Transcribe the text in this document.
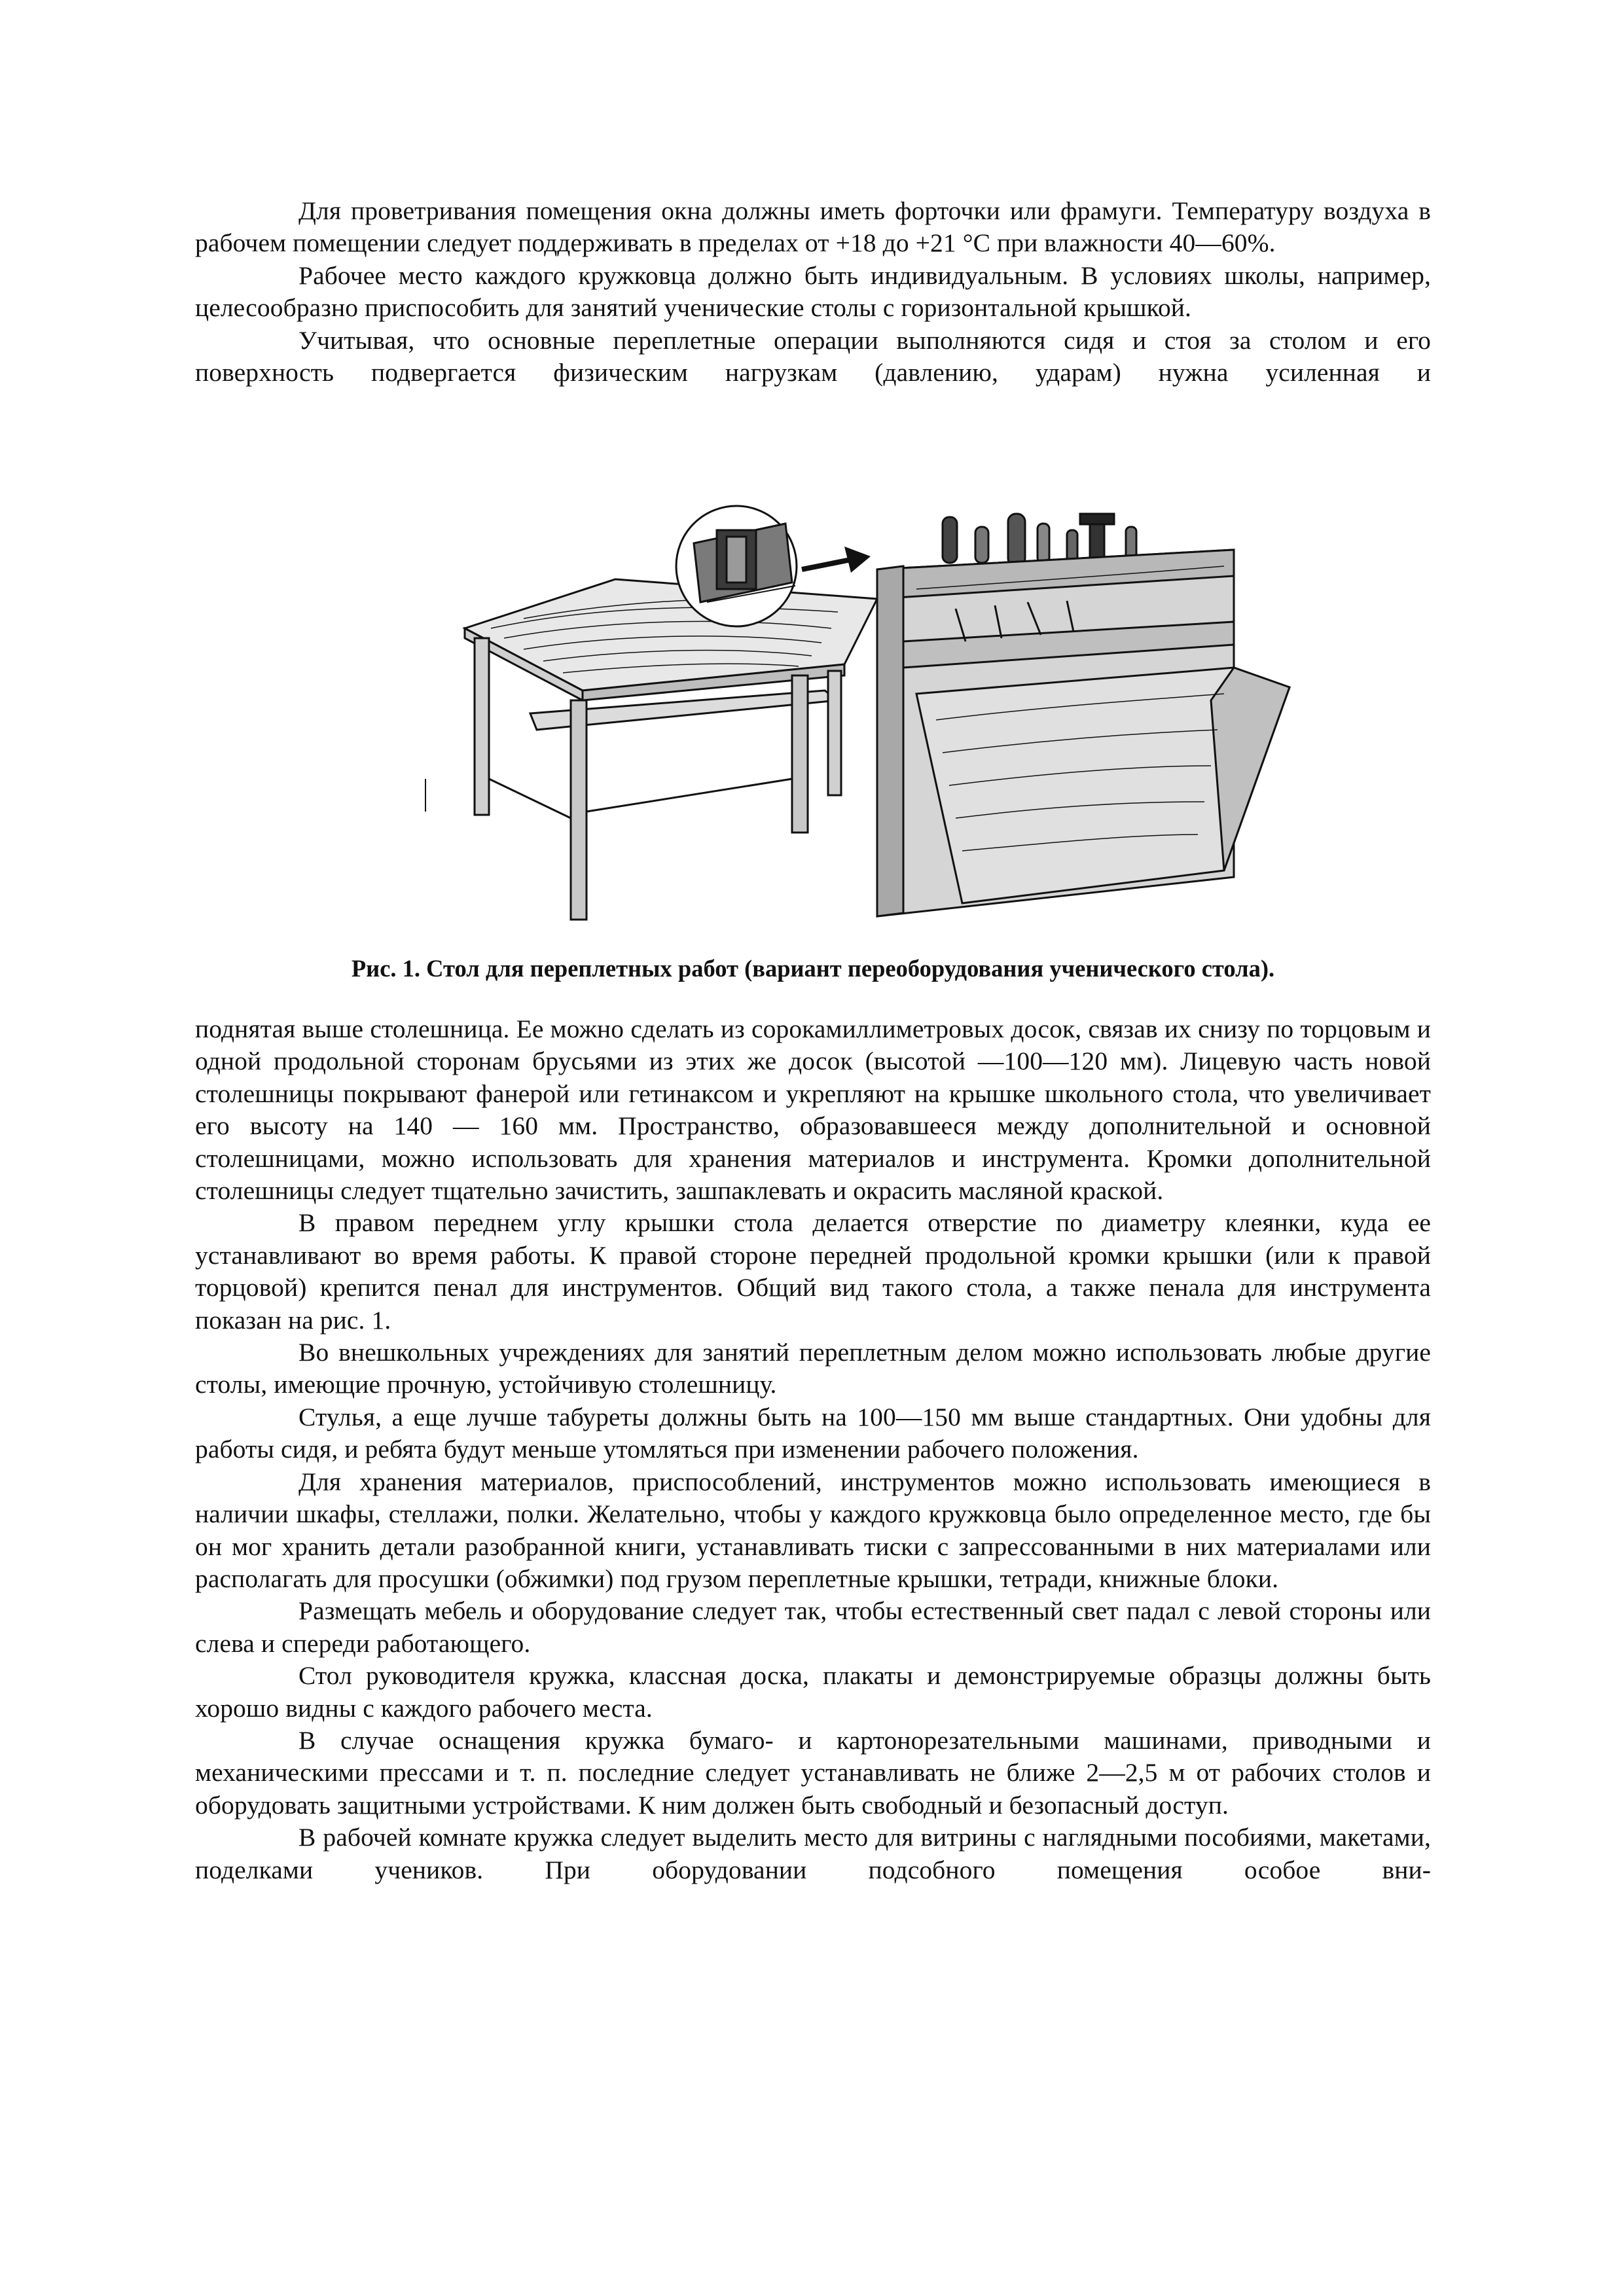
Для проветривания помещения окна должны иметь форточки или фрамуги. Температуру воздуха в рабочем помещении следует поддерживать в пределах от +18 до +21 °С при влажности 40—60%.

Рабочее место каждого кружковца должно быть индивидуальным. В условиях школы, например, целесообразно приспособить для занятий ученические столы с горизонтальной крышкой.

Учитывая, что основные переплетные операции выполняются сидя и стоя за столом и его поверхность подвергается физическим нагрузкам (давлению, ударам) нужна усиленная и

Рис. 1. Стол для переплетных работ (вариант переоборудования ученического стола).

поднятая выше столешница. Ее можно сделать из сорокамиллиметровых досок, связав их снизу по торцовым и одной продольной сторонам брусьями из этих же досок (высотой —100—120 мм). Лицевую часть новой столешницы покрывают фанерой или гетинаксом и укрепляют на крышке школьного стола, что увеличивает его высоту на 140 — 160 мм. Пространство, образовавшееся между дополнительной и основной столешницами, можно использовать для хранения материалов и инструмента. Кромки дополнительной столешницы следует тщательно зачистить, зашпаклевать и окрасить масляной краской.

В правом переднем углу крышки стола делается отверстие по диаметру клеянки, куда ее устанавливают во время работы. К правой стороне передней продольной кромки крышки (или к правой торцовой) крепится пенал для инструментов. Общий вид такого стола, а также пенала для инструмента показан на рис. 1.

Во внешкольных учреждениях для занятий переплетным делом можно использовать любые другие столы, имеющие прочную, устойчивую столешницу.

Стулья, а еще лучше табуреты должны быть на 100—150 мм выше стандартных. Они удобны для работы сидя, и ребята будут меньше утомляться при изменении рабочего положения.

Для хранения материалов, приспособлений, инструментов можно использовать имеющиеся в наличии шкафы, стеллажи, полки. Желательно, чтобы у каждого кружковца было определенное место, где бы он мог хранить детали разобранной книги, устанавливать тиски с запрессованными в них материалами или располагать для просушки (обжимки) под грузом переплетные крышки, тетради, книжные блоки.

Размещать мебель и оборудование следует так, чтобы естественный свет падал с левой стороны или слева и спереди работающего.

Стол руководителя кружка, классная доска, плакаты и демонстрируемые образцы должны быть хорошо видны с каждого рабочего места.

В случае оснащения кружка бумаго- и картонорезательными машинами, приводными и механическими прессами и т. п. последние следует устанавливать не ближе 2—2,5 м от рабочих столов и оборудовать защитными устройствами. К ним должен быть свободный и безопасный доступ.

В рабочей комнате кружка следует выделить место для витрины с наглядными пособиями, макетами, поделками учеников. При оборудовании подсобного помещения особое вни-
